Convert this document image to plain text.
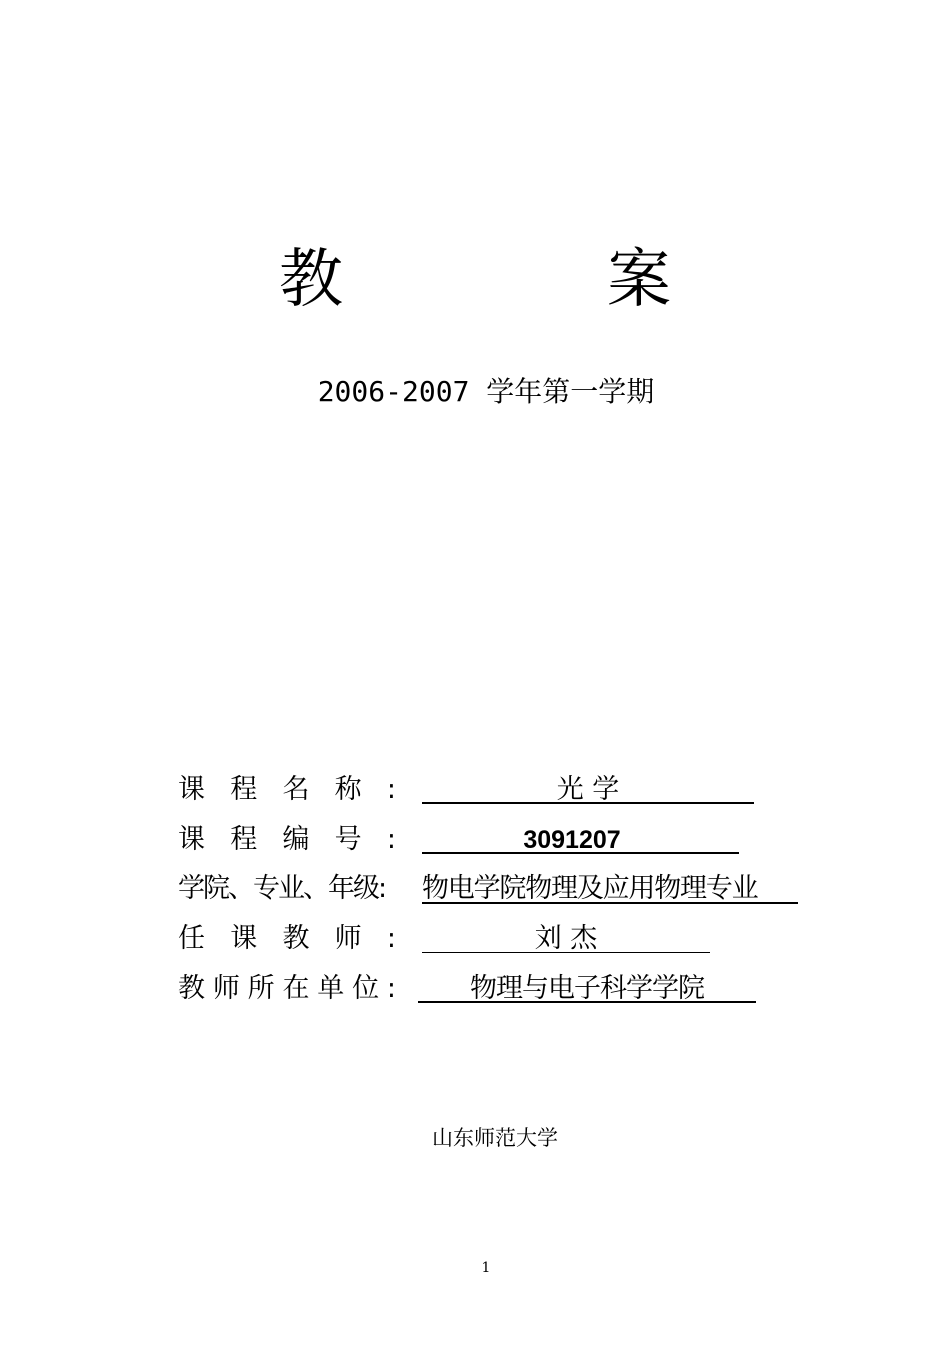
教　案
2006-2007 学年第一学期
课 程 名 称 :	光 学
课 程 编 号 :	3091207
学院、专业、年级:	物电学院物理及应用物理专业
任 课 教 师 :	刘 杰
教 师 所 在 单 位 :	物理与电子科学学院
山东师范大学
1
